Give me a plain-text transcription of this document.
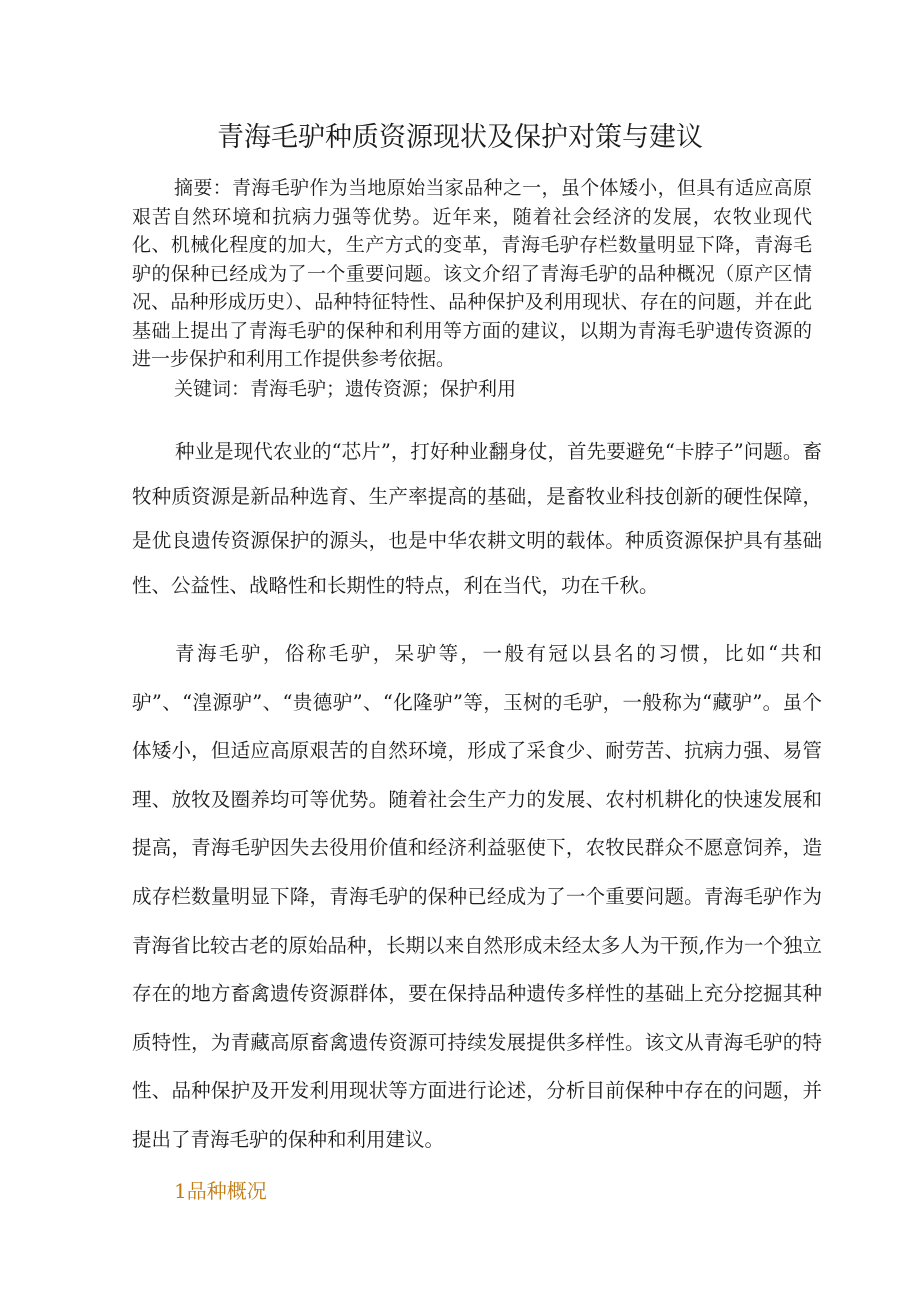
青海毛驴种质资源现状及保护对策与建议

摘要：青海毛驴作为当地原始当家品种之一，虽个体矮小，但具有适应高原艰苦自然环境和抗病力强等优势。近年来，随着社会经济的发展，农牧业现代化、机械化程度的加大，生产方式的变革，青海毛驴存栏数量明显下降，青海毛驴的保种已经成为了一个重要问题。该文介绍了青海毛驴的品种概况（原产区情况、品种形成历史）、品种特征特性、品种保护及利用现状、存在的问题，并在此基础上提出了青海毛驴的保种和利用等方面的建议，以期为青海毛驴遗传资源的进一步保护和利用工作提供参考依据。

关键词：青海毛驴；遗传资源；保护利用

种业是现代农业的“芯片”，打好种业翻身仗，首先要避免“卡脖子”问题。畜牧种质资源是新品种选育、生产率提高的基础，是畜牧业科技创新的硬性保障，是优良遗传资源保护的源头，也是中华农耕文明的载体。种质资源保护具有基础性、公益性、战略性和长期性的特点，利在当代，功在千秋。

青海毛驴，俗称毛驴，呆驴等，一般有冠以县名的习惯，比如“共和驴”、“湟源驴”、“贵德驴”、“化隆驴”等，玉树的毛驴，一般称为“藏驴”。虽个体矮小，但适应高原艰苦的自然环境，形成了采食少、耐劳苦、抗病力强、易管理、放牧及圈养均可等优势。随着社会生产力的发展、农村机耕化的快速发展和提高，青海毛驴因失去役用价值和经济利益驱使下，农牧民群众不愿意饲养，造成存栏数量明显下降，青海毛驴的保种已经成为了一个重要问题。青海毛驴作为青海省比较古老的原始品种，长期以来自然形成未经太多人为干预,作为一个独立存在的地方畜禽遗传资源群体，要在保持品种遗传多样性的基础上充分挖掘其种质特性，为青藏高原畜禽遗传资源可持续发展提供多样性。该文从青海毛驴的特性、品种保护及开发利用现状等方面进行论述，分析目前保种中存在的问题，并提出了青海毛驴的保种和利用建议。

1品种概况
